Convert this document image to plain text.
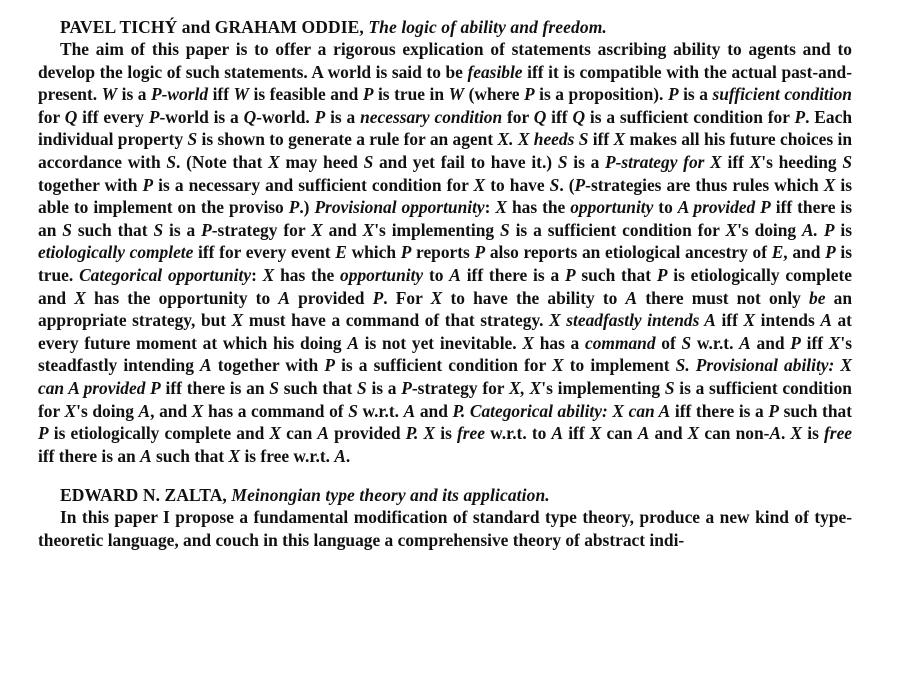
PAVEL TICHÝ and GRAHAM ODDIE, The logic of ability and freedom.

The aim of this paper is to offer a rigorous explication of statements ascribing ability to agents and to develop the logic of such statements. A world is said to be feasible iff it is compatible with the actual past-and-present. W is a P-world iff W is feasible and P is true in W (where P is a proposition). P is a sufficient condition for Q iff every P-world is a Q-world. P is a necessary condition for Q iff Q is a sufficient condition for P. Each individual property S is shown to generate a rule for an agent X. X heeds S iff X makes all his future choices in accordance with S. (Note that X may heed S and yet fail to have it.) S is a P-strategy for X iff X's heeding S together with P is a necessary and sufficient condition for X to have S. (P-strategies are thus rules which X is able to implement on the proviso P.) Provisional opportunity: X has the opportunity to A provided P iff there is an S such that S is a P-strategy for X and X's implementing S is a sufficient condition for X's doing A. P is etiologically complete iff for every event E which P reports P also reports an etiological ancestry of E, and P is true. Categorical opportunity: X has the opportunity to A iff there is a P such that P is etiologically complete and X has the opportunity to A provided P. For X to have the ability to A there must not only be an appropriate strategy, but X must have a command of that strategy. X steadfastly intends A iff X intends A at every future moment at which his doing A is not yet inevitable. X has a command of S w.r.t. A and P iff X's steadfastly intending A together with P is a sufficient condition for X to implement S. Provisional ability: X can A provided P iff there is an S such that S is a P-strategy for X, X's implementing S is a sufficient condition for X's doing A, and X has a command of S w.r.t. A and P. Categorical ability: X can A iff there is a P such that P is etiologically complete and X can A provided P. X is free w.r.t. to A iff X can A and X can non-A. X is free iff there is an A such that X is free w.r.t. A.

EDWARD N. ZALTA, Meinongian type theory and its application.

In this paper I propose a fundamental modification of standard type theory, produce a new kind of type-theoretic language, and couch in this language a comprehensive theory of abstract indi-
